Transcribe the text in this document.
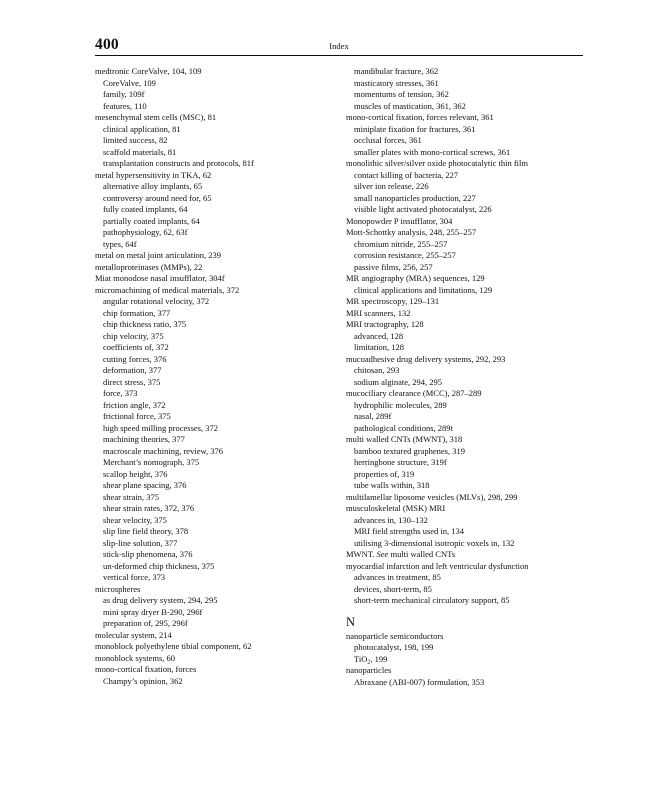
400	Index
medtronic CoreValve, 104, 109
CoreValve, 109
family, 109f
features, 110
mesenchymal stem cells (MSC), 81
clinical application, 81
limited success, 82
scaffold materials, 81
transplantation constructs and protocols, 81f
metal hypersensitivity in TKA, 62
alternative alloy implants, 65
controversy around need for, 65
fully coated implants, 64
partially coated implants, 64
pathophysiology, 62, 63f
types, 64f
metal on metal joint articulation, 239
metalloproteinases (MMPs), 22
Miat monodose nasal insufflator, 304f
micromachining of medical materials, 372
angular rotational velocity, 372
chip formation, 377
chip thickness ratio, 375
chip velocity, 375
coefficients of, 372
cutting forces, 376
deformation, 377
direct stress, 375
force, 373
friction angle, 372
frictional force, 375
high speed milling processes, 372
machining theories, 377
macroscale machining, review, 376
Merchant’s nomograph, 375
scallop height, 376
shear plane spacing, 376
shear strain, 375
shear strain rates, 372, 376
shear velocity, 375
slip line field theory, 378
slip-line solution, 377
stick-slip phenomena, 376
un-deformed chip thickness, 375
vertical force, 373
microspheres
as drug delivery system, 294, 295
mini spray dryer B-290, 296f
preparation of, 295, 296f
molecular system, 214
monoblock polyethylene tibial component, 62
monoblock systems, 60
mono-cortical fixation, forces
Champy’s opinion, 362
mandibular fracture, 362
masticatory stresses, 361
momentums of tension, 362
muscles of mastication, 361, 362
mono-cortical fixation, forces relevant, 361
miniplate fixation for fractures, 361
occlusal forces, 361
smaller plates with mono-cortical screws, 361
monolithic silver/silver oxide photocatalytic thin film
contact killing of bacteria, 227
silver ion release, 226
small nanoparticles production, 227
visible light activated photocatalyst, 226
Monopowder P insufflator, 304
Mott-Schottky analysis, 248, 255–257
chromium nitride, 255–257
corrosion resistance, 255–257
passive films, 256, 257
MR angiography (MRA) sequences, 129
clinical applications and limitations, 129
MR spectroscopy, 129–131
MRI scanners, 132
MRI tractography, 128
advanced, 128
limitation, 128
mucoadhesive drug delivery systems, 292, 293
chitosan, 293
sodium alginate, 294, 295
mucociliary clearance (MCC), 287–289
hydrophilic molecules, 289
nasal, 289f
pathological conditions, 289t
multi walled CNTs (MWNT), 318
bamboo textured graphenes, 319
herringbone structure, 319f
properties of, 319
tube walls within, 318
multilamellar liposome vesicles (MLVs), 298, 299
musculoskeletal (MSK) MRI
advances in, 130–132
MRI field strengths used in, 134
utilising 3-dimensional isotropic voxels in, 132
MWNT. See multi walled CNTs
myocardial infarction and left ventricular dysfunction
advances in treatment, 85
devices, short-term, 85
short-term mechanical circulatory support, 85
N
nanoparticle semiconductors
photocatalyst, 198, 199
TiO$_2$, 199
nanoparticles
Abraxane (ABI-007) formulation, 353
